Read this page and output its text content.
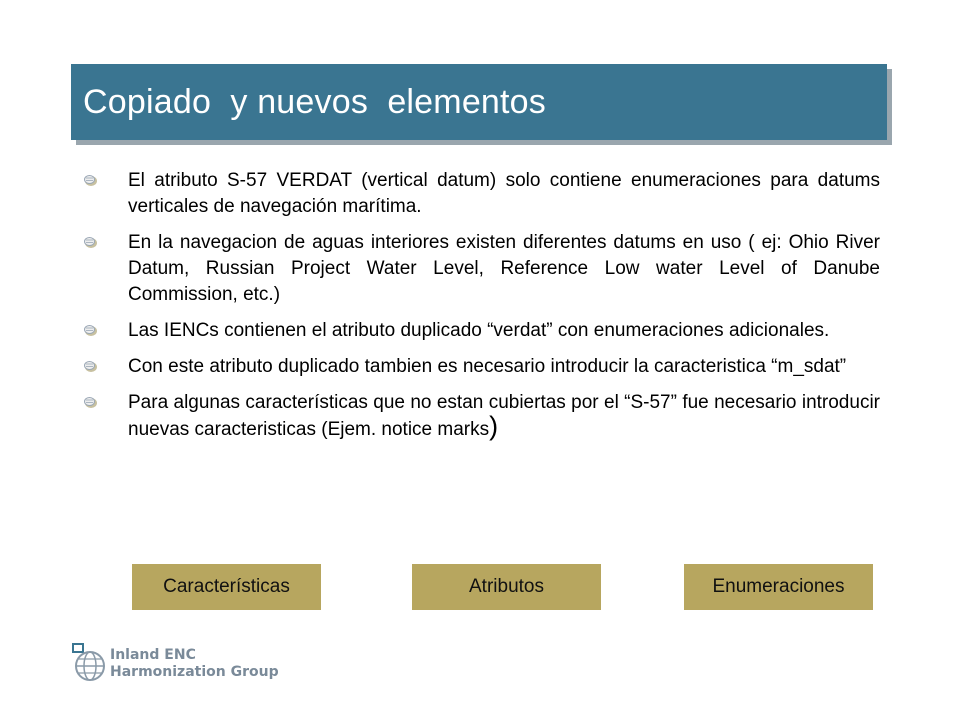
Copiado  y nuevos  elementos
El atributo S-57 VERDAT (vertical datum) solo contiene enumeraciones para datums verticales de navegación marítima.
En la navegacion de aguas interiores existen diferentes datums en uso ( ej: Ohio River Datum, Russian Project Water Level, Reference Low water Level of Danube Commission, etc.)
Las IENCs contienen el atributo duplicado “verdat” con enumeraciones adicionales.
Con este atributo duplicado tambien es necesario introducir la caracteristica “m_sdat”
Para algunas características que no estan cubiertas por el “S-57” fue necesario introducir nuevas caracteristicas (Ejem. notice marks)
Características	Atributos	Enumeraciones
Inland ENC
Harmonization Group
